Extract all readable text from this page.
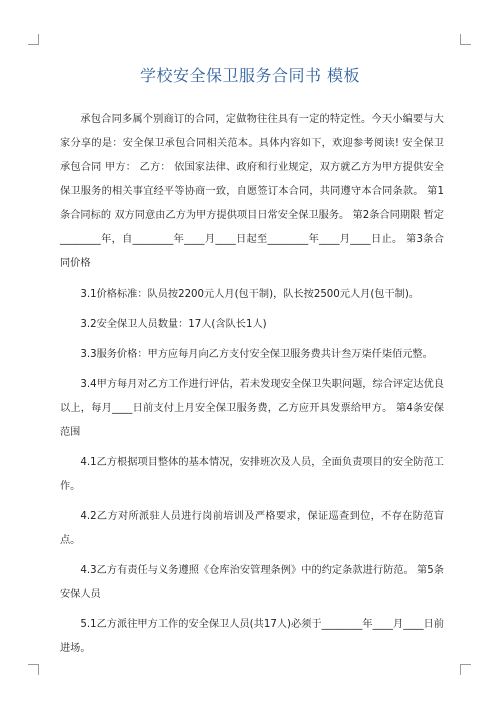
学校安全保卫服务合同书 模板

承包合同多属个别商订的合同，定做物往往具有一定的特定性。今天小编要与大家分享的是：安全保卫承包合同相关范本。具体内容如下，欢迎参考阅读! 安全保卫承包合同 甲方： 乙方： 依国家法律、政府和行业规定，双方就乙方为甲方提供安全保卫服务的相关事宜经平等协商一致，自愿签订本合同，共同遵守本合同条款。 第1条合同标的 双方同意由乙方为甲方提供项目日常安全保卫服务。 第2条合同期限 暂定________年，自________年____月____日起至________年____月____日止。 第3条合同价格

3.1价格标准：队员按2200元人月(包干制)，队长按2500元人月(包干制)。

3.2安全保卫人员数量：17人(含队长1人)

3.3服务价格：甲方应每月向乙方支付安全保卫服务费共计叁万柒仟柒佰元整。

3.4甲方每月对乙方工作进行评估，若未发现安全保卫失职问题，综合评定达优良以上，每月____日前支付上月安全保卫服务费，乙方应开具发票给甲方。 第4条安保范围

4.1乙方根据项目整体的基本情况，安排班次及人员，全面负责项目的安全防范工作。

4.2乙方对所派驻人员进行岗前培训及严格要求，保证巡查到位，不存在防范盲点。

4.3乙方有责任与义务遵照《仓库治安管理条例》中的约定条款进行防范。 第5条安保人员

5.1乙方派往甲方工作的安全保卫人员(共17人)必须于________年____月____日前进场。
